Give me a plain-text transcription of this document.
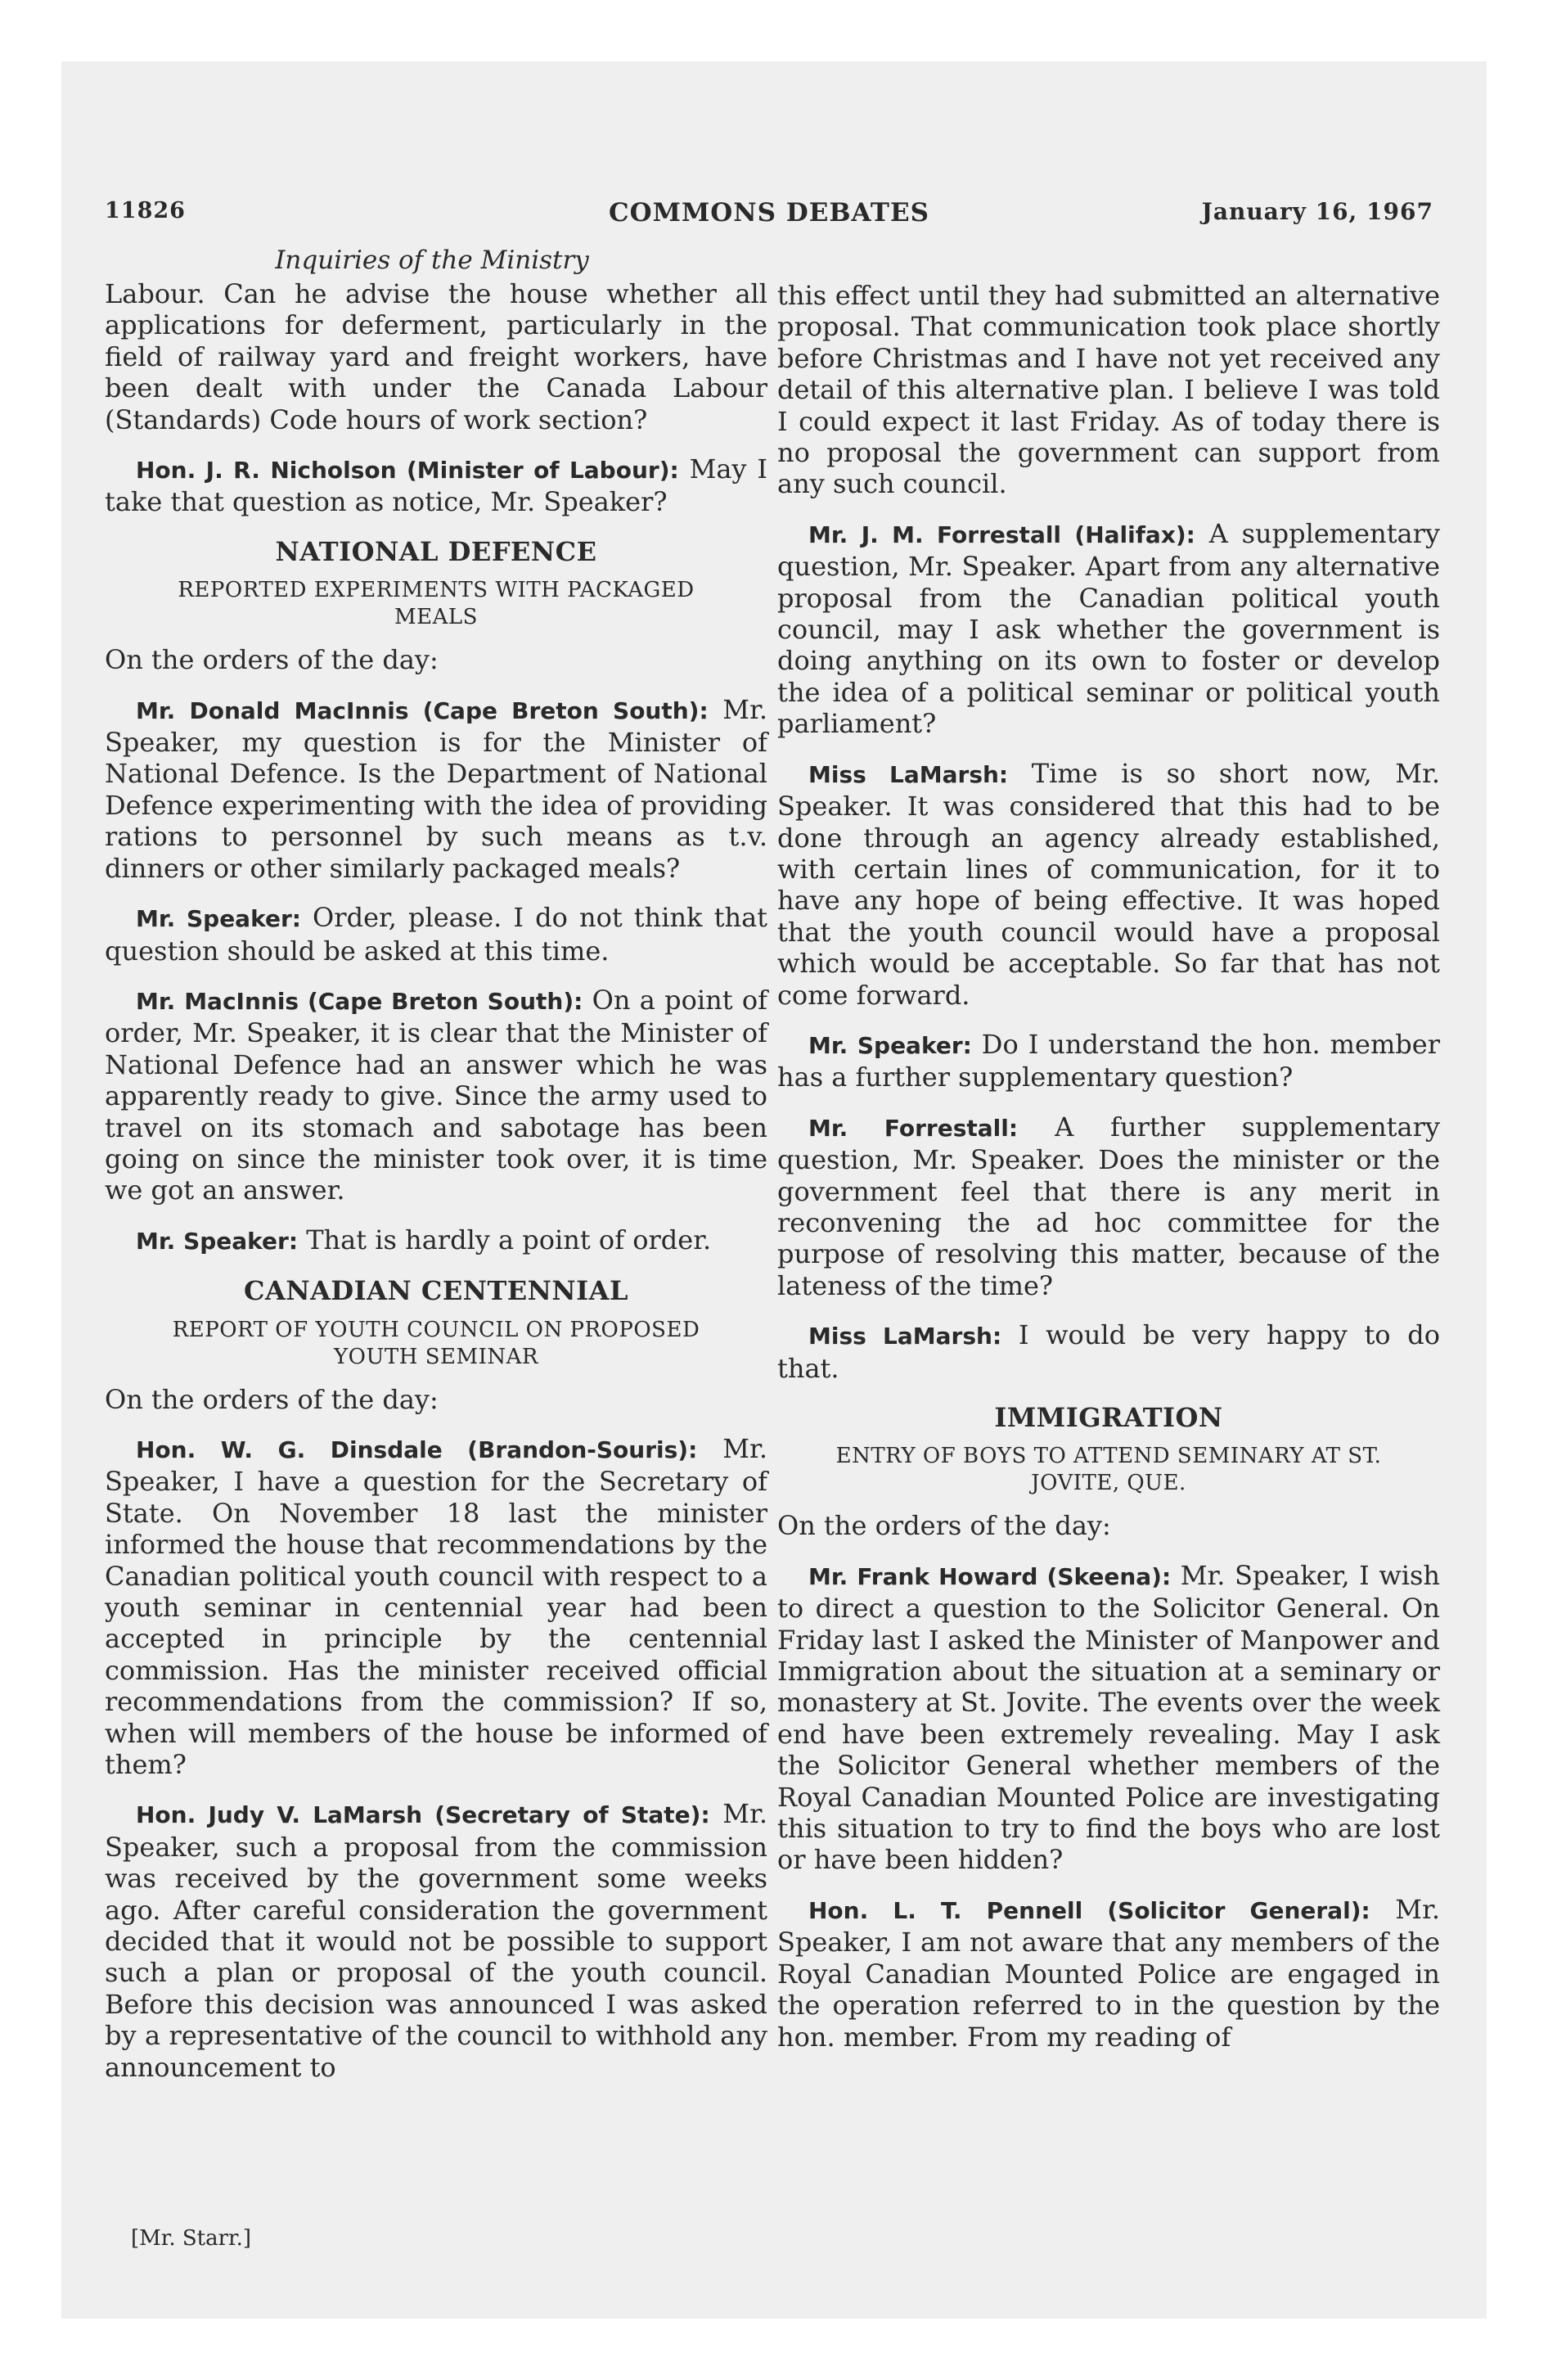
11826	COMMONS DEBATES	January 16, 1967
Inquiries of the Ministry

Labour. Can he advise the house whether all applications for deferment, particularly in the field of railway yard and freight workers, have been dealt with under the Canada Labour (Standards) Code hours of work section?

Hon. J. R. Nicholson (Minister of Labour): May I take that question as notice, Mr. Speaker?

NATIONAL DEFENCE
REPORTED EXPERIMENTS WITH PACKAGED MEALS

On the orders of the day:

Mr. Donald MacInnis (Cape Breton South): Mr. Speaker, my question is for the Minister of National Defence. Is the Department of National Defence experimenting with the idea of providing rations to personnel by such means as t.v. dinners or other similarly packaged meals?

Mr. Speaker: Order, please. I do not think that question should be asked at this time.

Mr. MacInnis (Cape Breton South): On a point of order, Mr. Speaker, it is clear that the Minister of National Defence had an answer which he was apparently ready to give. Since the army used to travel on its stomach and sabotage has been going on since the minister took over, it is time we got an answer.

Mr. Speaker: That is hardly a point of order.

CANADIAN CENTENNIAL
REPORT OF YOUTH COUNCIL ON PROPOSED YOUTH SEMINAR

On the orders of the day:

Hon. W. G. Dinsdale (Brandon-Souris): Mr. Speaker, I have a question for the Secretary of State. On November 18 last the minister informed the house that recommendations by the Canadian political youth council with respect to a youth seminar in centennial year had been accepted in principle by the centennial commission. Has the minister received official recommendations from the commission? If so, when will members of the house be informed of them?

Hon. Judy V. LaMarsh (Secretary of State): Mr. Speaker, such a proposal from the commission was received by the government some weeks ago. After careful consideration the government decided that it would not be possible to support such a plan or proposal of the youth council. Before this decision was announced I was asked by a representative of the council to withhold any announcement to

this effect until they had submitted an alternative proposal. That communication took place shortly before Christmas and I have not yet received any detail of this alternative plan. I believe I was told I could expect it last Friday. As of today there is no proposal the government can support from any such council.

Mr. J. M. Forrestall (Halifax): A supplementary question, Mr. Speaker. Apart from any alternative proposal from the Canadian political youth council, may I ask whether the government is doing anything on its own to foster or develop the idea of a political seminar or political youth parliament?

Miss LaMarsh: Time is so short now, Mr. Speaker. It was considered that this had to be done through an agency already established, with certain lines of communication, for it to have any hope of being effective. It was hoped that the youth council would have a proposal which would be acceptable. So far that has not come forward.

Mr. Speaker: Do I understand the hon. member has a further supplementary question?

Mr. Forrestall: A further supplementary question, Mr. Speaker. Does the minister or the government feel that there is any merit in reconvening the ad hoc committee for the purpose of resolving this matter, because of the lateness of the time?

Miss LaMarsh: I would be very happy to do that.

IMMIGRATION
ENTRY OF BOYS TO ATTEND SEMINARY AT ST. JOVITE, QUE.

On the orders of the day:

Mr. Frank Howard (Skeena): Mr. Speaker, I wish to direct a question to the Solicitor General. On Friday last I asked the Minister of Manpower and Immigration about the situation at a seminary or monastery at St. Jovite. The events over the week end have been extremely revealing. May I ask the Solicitor General whether members of the Royal Canadian Mounted Police are investigating this situation to try to find the boys who are lost or have been hidden?

Hon. L. T. Pennell (Solicitor General): Mr. Speaker, I am not aware that any members of the Royal Canadian Mounted Police are engaged in the operation referred to in the question by the hon. member. From my reading of

[Mr. Starr.]
